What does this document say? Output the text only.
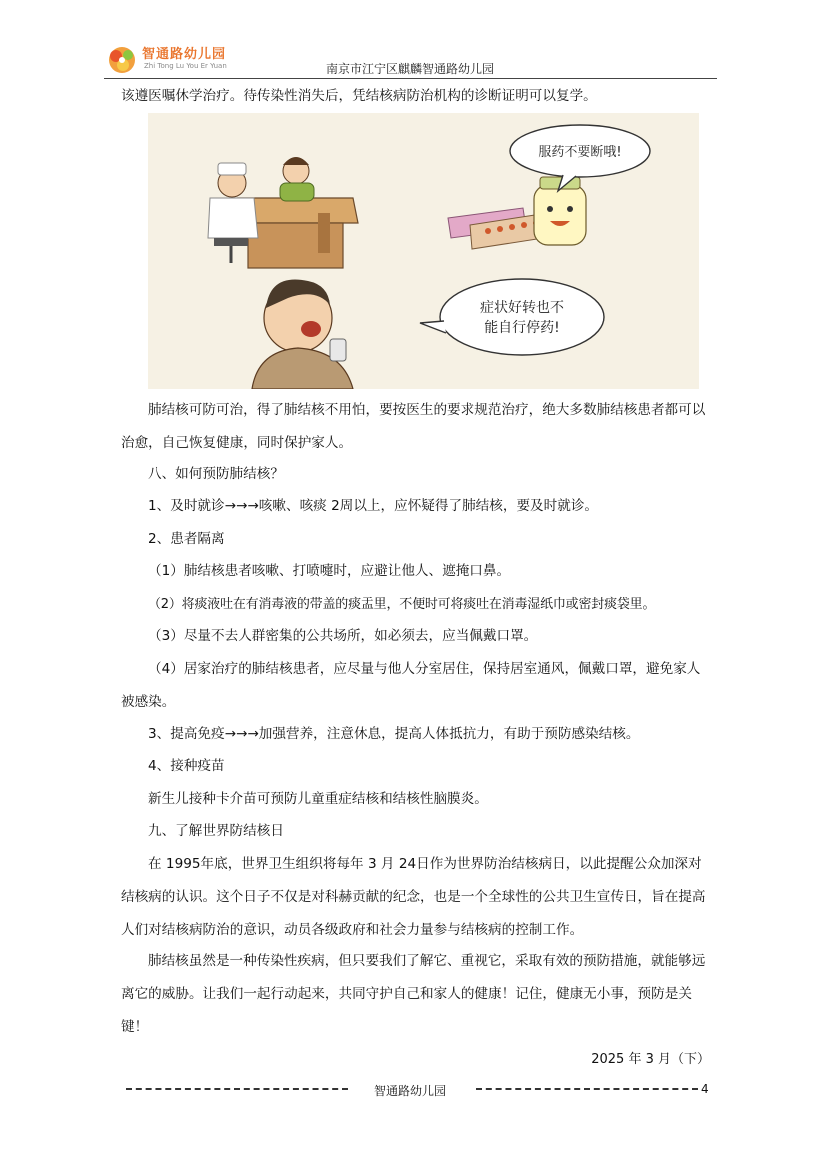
智通路幼儿园
Zhi Tong Lu You Er Yuan	南京市江宁区麒麟智通路幼儿园

该遵医嘱休学治疗。待传染性消失后，凭结核病防治机构的诊断证明可以复学。

服药不要断哦!
症状好转也不
能自行停药!

肺结核可防可治，得了肺结核不用怕，要按医生的要求规范治疗，绝大多数肺结核患者都可以治愈，自己恢复健康，同时保护家人。

八、如何预防肺结核？

1、及时就诊→→→咳嗽、咳痰 2周以上，应怀疑得了肺结核，要及时就诊。

2、患者隔离

（1）肺结核患者咳嗽、打喷嚏时，应避让他人、遮掩口鼻。

（2）将痰液吐在有消毒液的带盖的痰盂里，不便时可将痰吐在消毒湿纸巾或密封痰袋里。

（3）尽量不去人群密集的公共场所，如必须去，应当佩戴口罩。

（4）居家治疗的肺结核患者，应尽量与他人分室居住，保持居室通风，佩戴口罩，避免家人被感染。

3、提高免疫→→→加强营养，注意休息，提高人体抵抗力，有助于预防感染结核。

4、接种疫苗

新生儿接种卡介苗可预防儿童重症结核和结核性脑膜炎。

九、了解世界防结核日

在 1995年底，世界卫生组织将每年 3 月 24日作为世界防治结核病日，以此提醒公众加深对结核病的认识。这个日子不仅是对科赫贡献的纪念，也是一个全球性的公共卫生宣传日，旨在提高人们对结核病防治的意识，动员各级政府和社会力量参与结核病的控制工作。

肺结核虽然是一种传染性疾病，但只要我们了解它、重视它，采取有效的预防措施，就能够远离它的威胁。让我们一起行动起来，共同守护自己和家人的健康！记住，健康无小事，预防是关键！

2025 年 3 月（下）
智通路幼儿园	4
